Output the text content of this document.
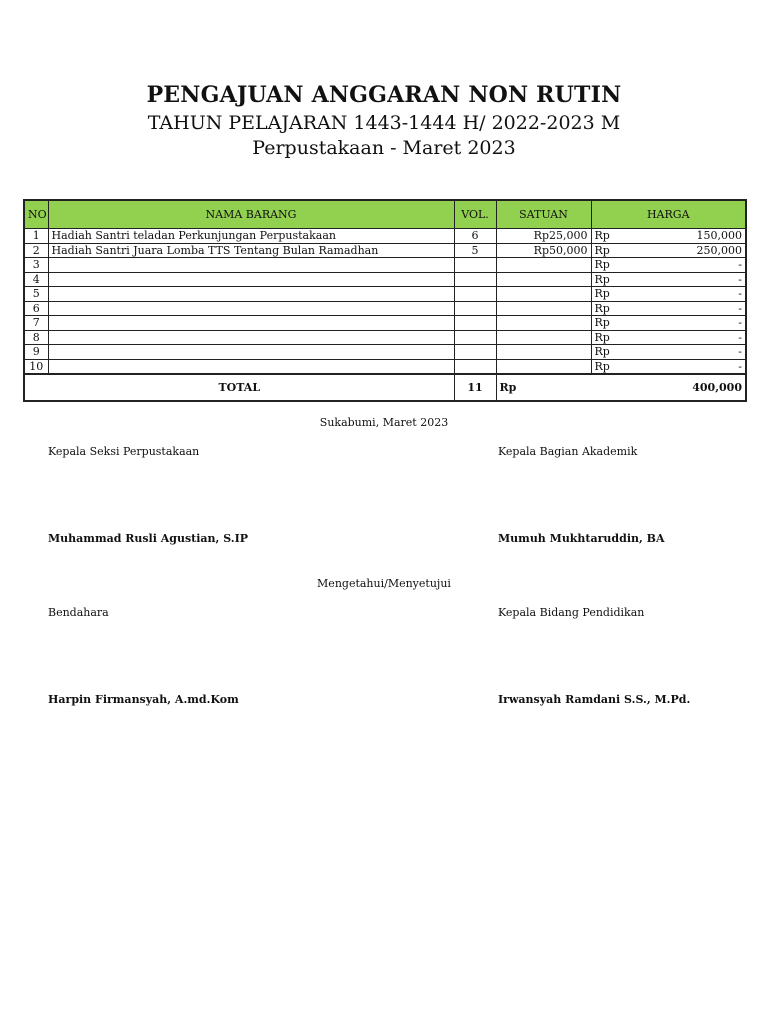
PENGAJUAN ANGGARAN NON RUTIN
TAHUN PELAJARAN 1443-1444 H/ 2022-2023 M
Perpustakaan - Maret 2023
NO	NAMA BARANG	VOL.	SATUAN	HARGA
1	Hadiah Santri teladan Perkunjungan Perpustakaan	6	Rp25,000	Rp 150,000

2	Hadiah Santri Juara Lomba TTS Tentang Bulan Ramadhan	5	Rp50,000	Rp 250,000

3				Rp -

4				Rp -

5				Rp -

6				Rp -

7				Rp -

8				Rp -

9				Rp -

10				Rp -

TOTAL		11	Rp 400,000	
Sukabumi, Maret 2023
Kepala Seksi Perpustakaan	Kepala Bagian Akademik
Muhammad Rusli Agustian, S.IP	Mumuh Mukhtaruddin, BA
Mengetahui/Menyetujui
Bendahara	Kepala Bidang Pendidikan
Harpin Firmansyah, A.md.Kom	Irwansyah Ramdani S.S., M.Pd.
